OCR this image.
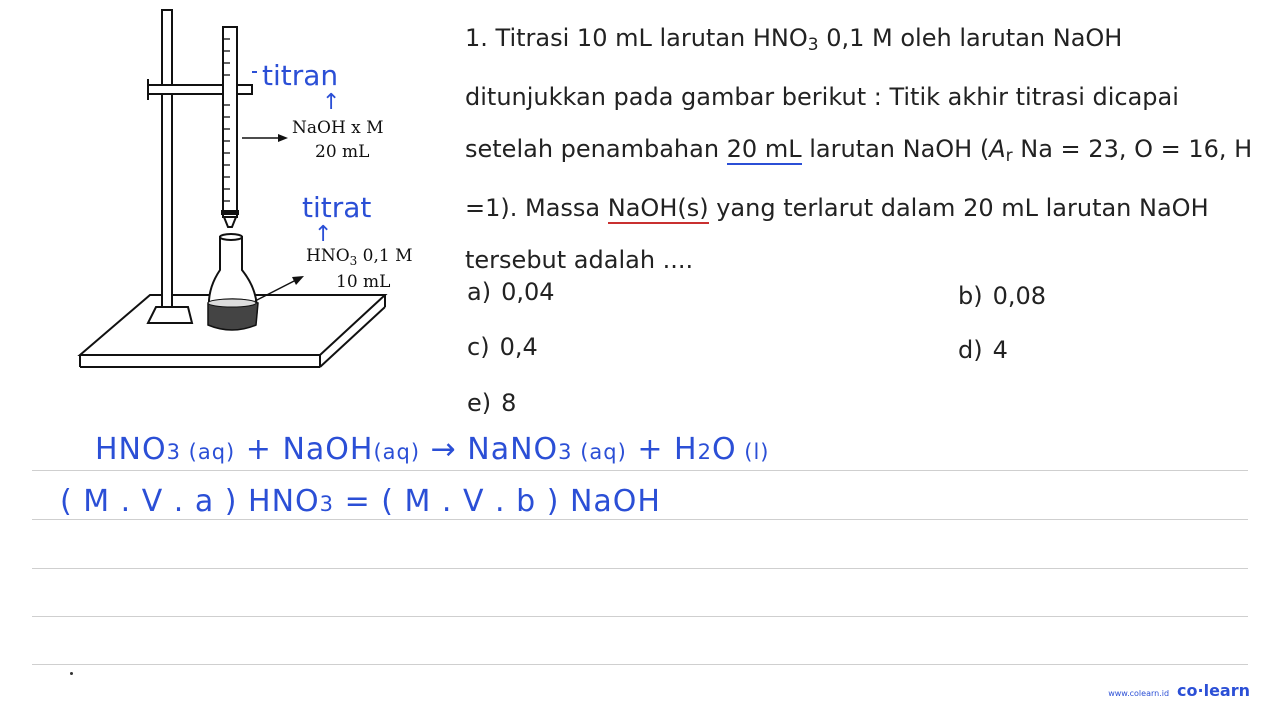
NaOH x M
20 mL
$HNO_3$ 0,1 M
10 mL
titran
↑
titrat
↑

1. Titrasi 10 mL larutan $HNO_3$ 0,1 M oleh larutan NaOH ditunjukkan pada gambar berikut : Titik akhir titrasi dicapai setelah penambahan 20 mL larutan NaOH ($A_r$ Na = 23, O = 16, H =1). Massa NaOH(s) yang terlarut dalam 20 mL larutan NaOH tersebut adalah ....

a) 0,04	b) 0,08
c) 0,4	d) 4
e) 8
HNO3 (aq) + NaOH(aq) → NaNO3 (aq) + H2O (l)
( M . V . a ) HNO3 = ( M . V . b ) NaOH
www.colearn.id co·learn
